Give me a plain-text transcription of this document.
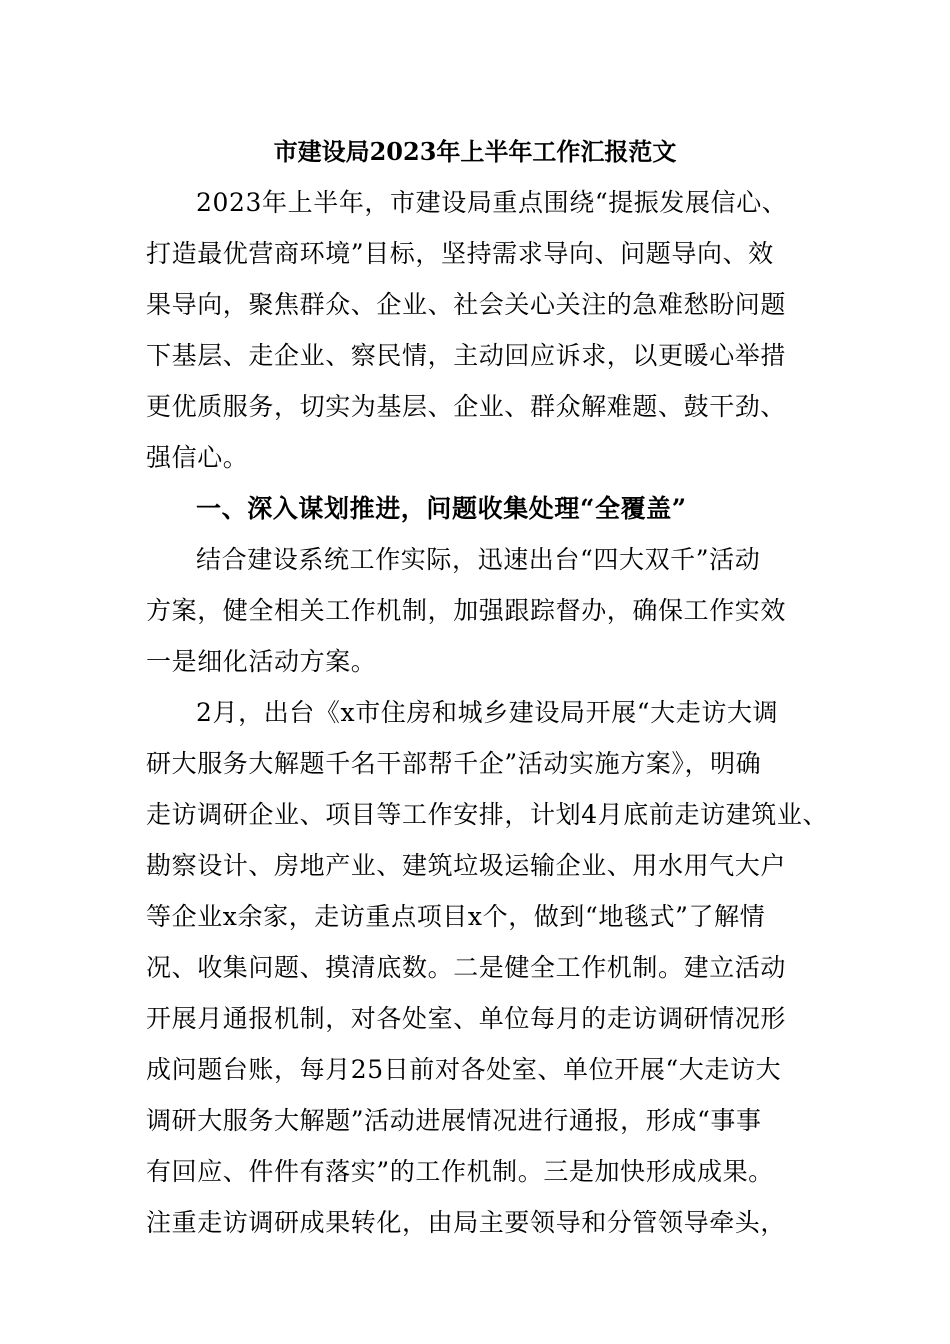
市建设局2023年上半年工作汇报范文
2023年上半年，市建设局重点围绕“提振发展信心、
打造最优营商环境”目标，坚持需求导向、问题导向、效
果导向，聚焦群众、企业、社会关心关注的急难愁盼问题
下基层、走企业、察民情，主动回应诉求，以更暖心举措
更优质服务，切实为基层、企业、群众解难题、鼓干劲、
强信心。
一、深入谋划推进，问题收集处理“全覆盖”
结合建设系统工作实际，迅速出台“四大双千”活动
方案，健全相关工作机制，加强跟踪督办，确保工作实效
一是细化活动方案。
2月，出台《x市住房和城乡建设局开展“大走访大调
研大服务大解题千名干部帮千企”活动实施方案》，明确
走访调研企业、项目等工作安排，计划4月底前走访建筑业、
勘察设计、房地产业、建筑垃圾运输企业、用水用气大户
等企业x余家，走访重点项目x个，做到“地毯式”了解情
况、收集问题、摸清底数。二是健全工作机制。建立活动
开展月通报机制，对各处室、单位每月的走访调研情况形
成问题台账，每月25日前对各处室、单位开展“大走访大
调研大服务大解题”活动进展情况进行通报，形成“事事
有回应、件件有落实”的工作机制。三是加快形成成果。
注重走访调研成果转化，由局主要领导和分管领导牵头，
